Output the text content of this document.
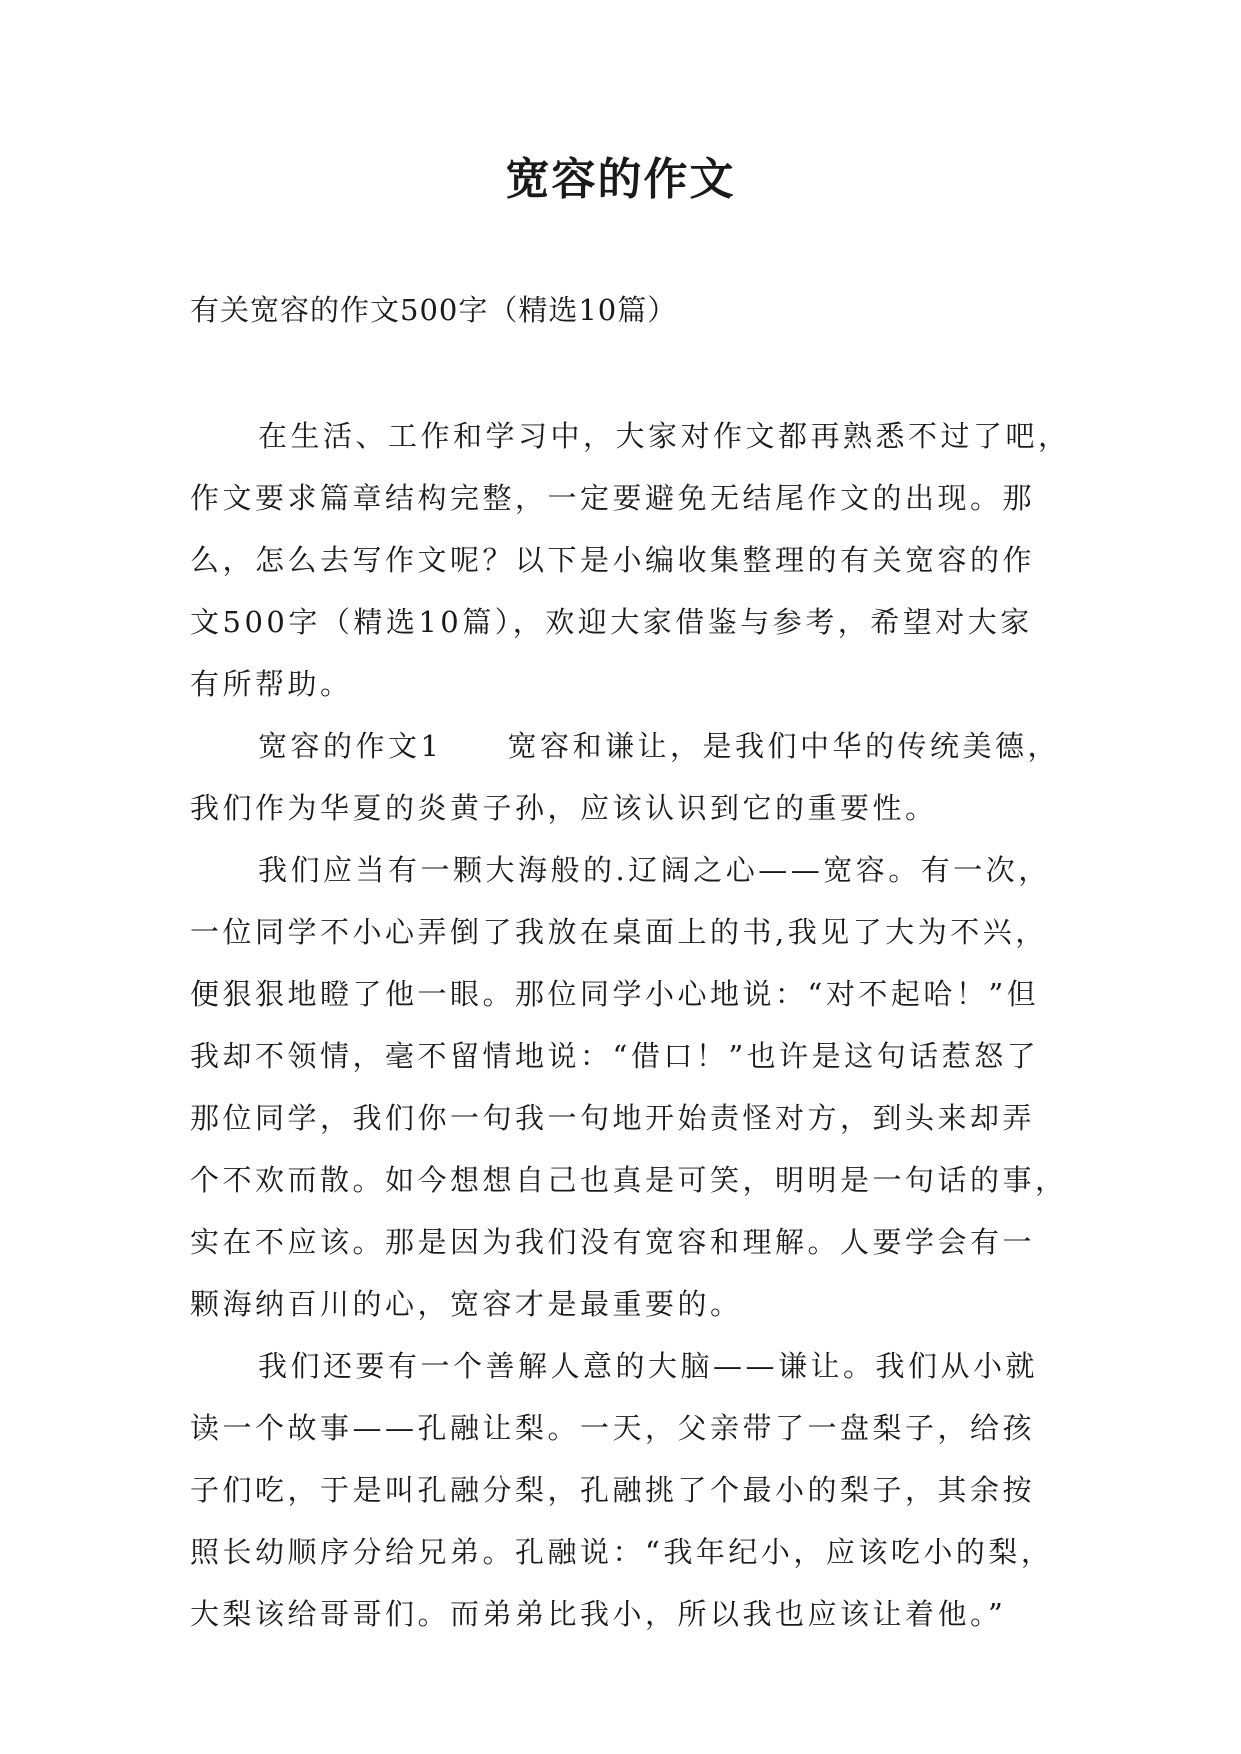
宽容的作文
有关宽容的作文500字（精选10篇）
在生活、工作和学习中，大家对作文都再熟悉不过了吧，
作文要求篇章结构完整，一定要避免无结尾作文的出现。那
么，怎么去写作文呢？以下是小编收集整理的有关宽容的作
文500字（精选10篇），欢迎大家借鉴与参考，希望对大家
有所帮助。
宽容的作文1　　宽容和谦让，是我们中华的传统美德，
我们作为华夏的炎黄子孙，应该认识到它的重要性。
我们应当有一颗大海般的.辽阔之心——宽容。有一次，
一位同学不小心弄倒了我放在桌面上的书,我见了大为不兴，
便狠狠地瞪了他一眼。那位同学小心地说：“对不起哈！”但
我却不领情，毫不留情地说：“借口！”也许是这句话惹怒了
那位同学，我们你一句我一句地开始责怪对方，到头来却弄
个不欢而散。如今想想自己也真是可笑，明明是一句话的事，
实在不应该。那是因为我们没有宽容和理解。人要学会有一
颗海纳百川的心，宽容才是最重要的。
我们还要有一个善解人意的大脑——谦让。我们从小就
读一个故事——孔融让梨。一天，父亲带了一盘梨子，给孩
子们吃，于是叫孔融分梨，孔融挑了个最小的梨子，其余按
照长幼顺序分给兄弟。孔融说：“我年纪小，应该吃小的梨，
大梨该给哥哥们。而弟弟比我小，所以我也应该让着他。”
